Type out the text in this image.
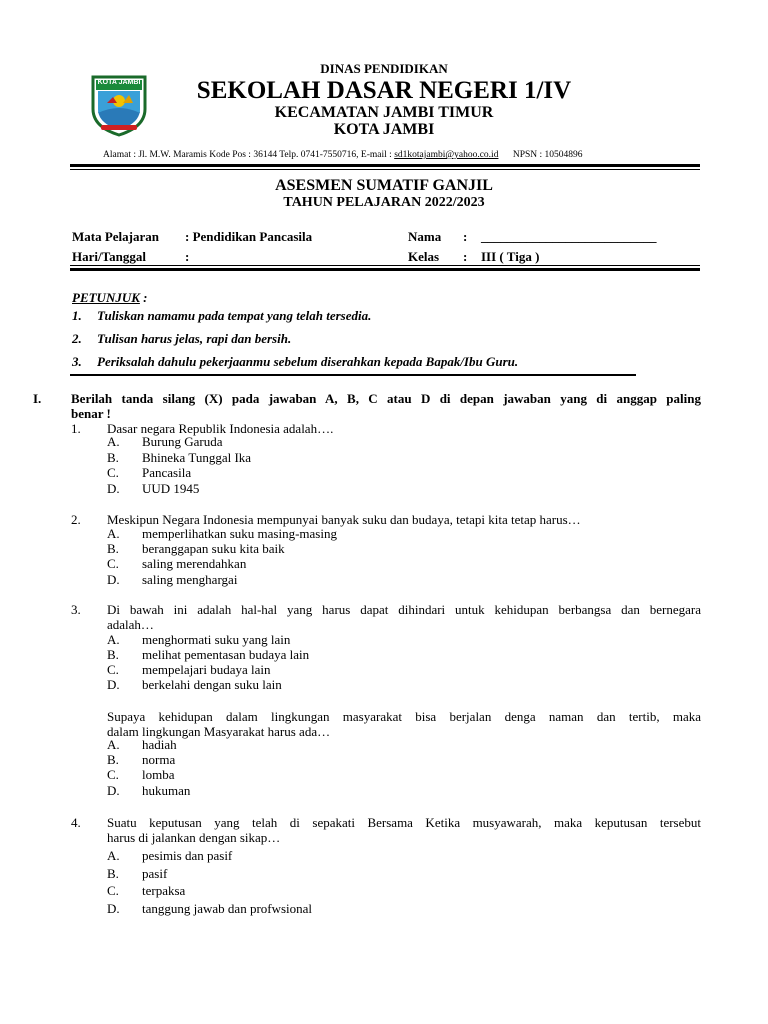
KOTA JAMBI
DINAS PENDIDIKAN
SEKOLAH DASAR NEGERI 1/IV
KECAMATAN JAMBI TIMUR
KOTA JAMBI
Alamat : Jl. M.W. Maramis Kode Pos : 36144 Telp. 0741-7550716, E-mail : sd1kotajambi@yahoo.co.id NPSN : 10504896
ASESMEN SUMATIF GANJIL
TAHUN PELAJARAN 2022/2023
Mata Pelajaran : Pendidikan Pancasila	Nama : ___________________________
Hari/Tanggal	:	Kelas : III ( Tiga )
PETUNJUK :
1. Tuliskan namamu pada tempat yang telah tersedia.
2. Tulisan harus jelas, rapi dan bersih.
3. Periksalah dahulu pekerjaanmu sebelum diserahkan kepada Bapak/Ibu Guru.
I. Berilah tanda silang (X) pada jawaban A, B, C atau D di depan jawaban yang di anggap paling
benar !
1. Dasar negara Republik Indonesia adalah….
A. Burung Garuda
B. Bhineka Tunggal Ika
C. Pancasila
D. UUD 1945
2. Meskipun Negara Indonesia mempunyai banyak suku dan budaya, tetapi kita tetap harus…
A. memperlihatkan suku masing-masing
B. beranggapan suku kita baik
C. saling merendahkan
D. saling menghargai
3. Di bawah ini adalah hal-hal yang harus dapat dihindari untuk kehidupan berbangsa dan bernegara
adalah…
A. menghormati suku yang lain
B. melihat pementasan budaya lain
C. mempelajari budaya lain
D. berkelahi dengan suku lain
Supaya kehidupan dalam lingkungan masyarakat bisa berjalan denga naman dan tertib, maka
dalam lingkungan Masyarakat harus ada…
A. hadiah
B. norma
C. lomba
D. hukuman
4. Suatu keputusan yang telah di sepakati Bersama Ketika musyawarah, maka keputusan tersebut
harus di jalankan dengan sikap…
A. pesimis dan pasif
B. pasif
C. terpaksa
D. tanggung jawab dan profwsional
